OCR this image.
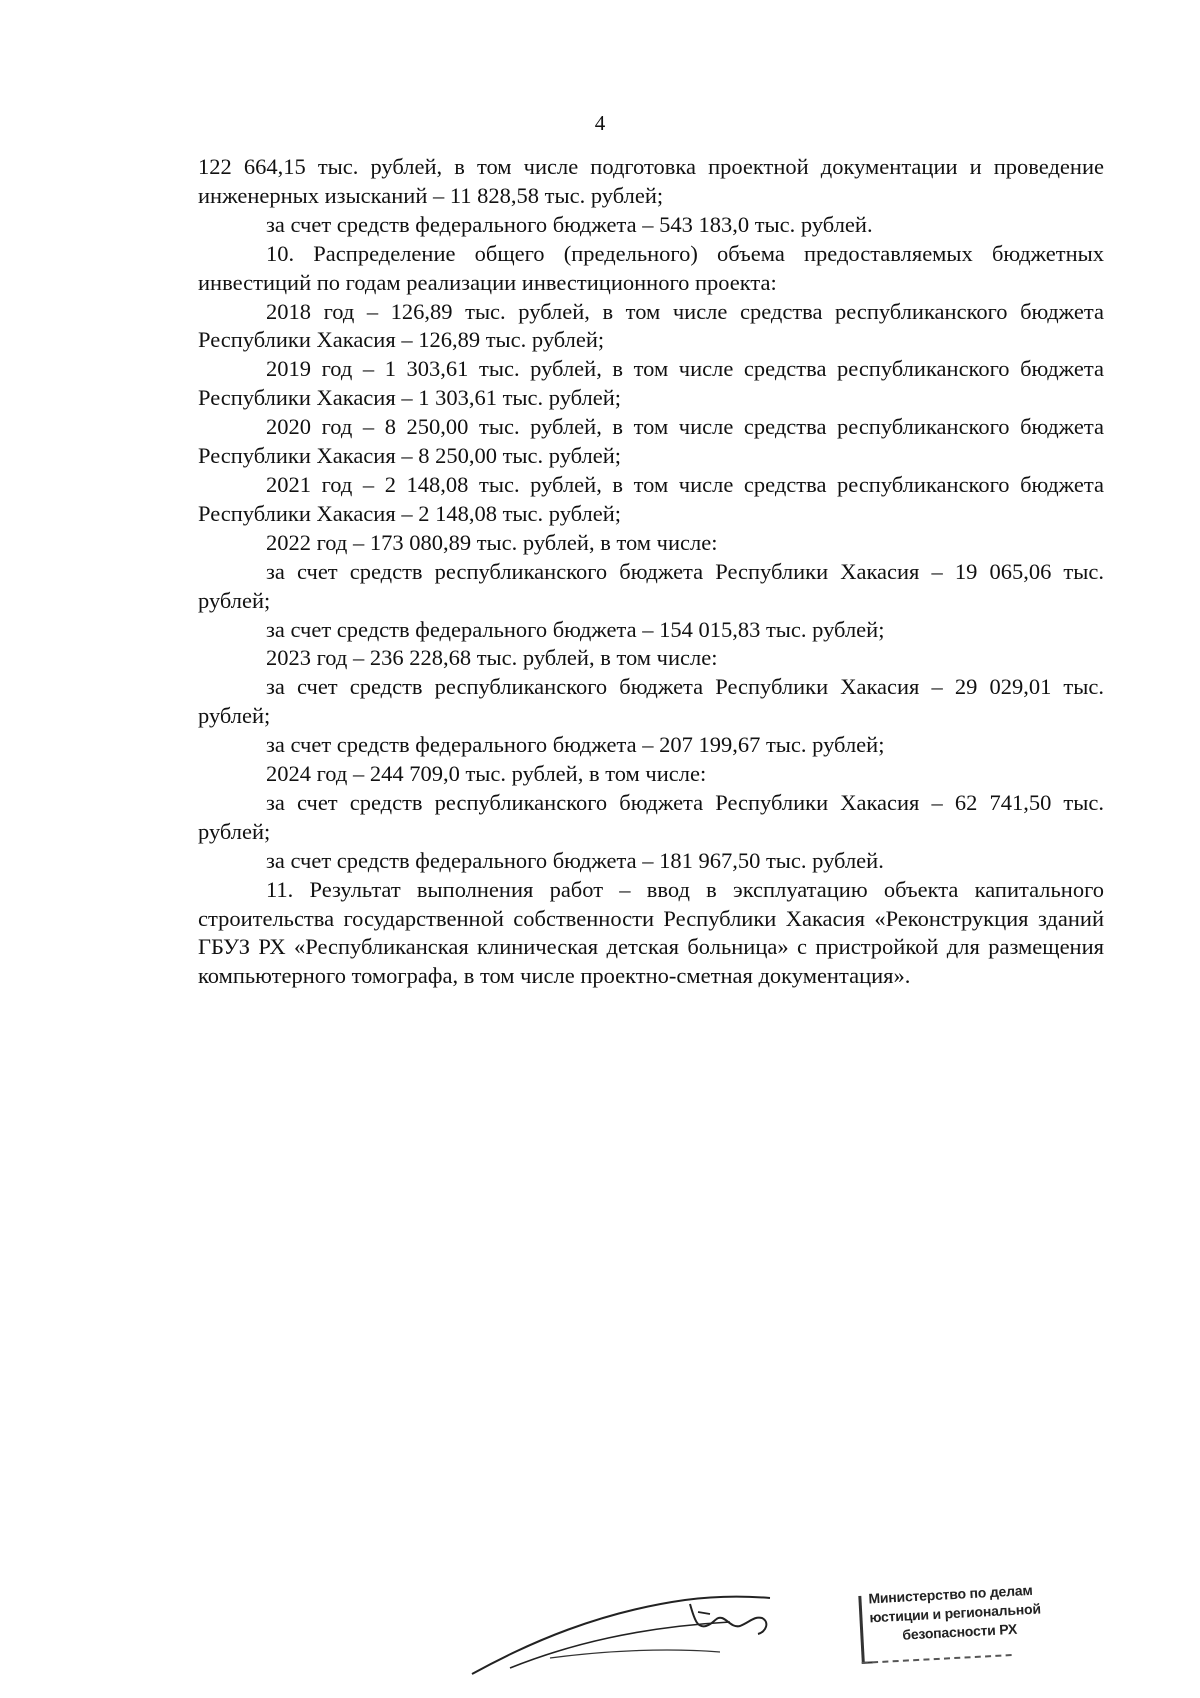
4

122 664,15 тыс. рублей, в том числе подготовка проектной документации и проведение инженерных изысканий – 11 828,58 тыс. рублей;

за счет средств федерального бюджета – 543 183,0 тыс. рублей.

10. Распределение общего (предельного) объема предоставляемых бюджетных инвестиций по годам реализации инвестиционного проекта:

2018 год – 126,89 тыс. рублей, в том числе средства республиканского бюджета Республики Хакасия – 126,89 тыс. рублей;

2019 год – 1 303,61 тыс. рублей, в том числе средства республиканского бюджета Республики Хакасия – 1 303,61 тыс. рублей;

2020 год – 8 250,00 тыс. рублей, в том числе средства республиканского бюджета Республики Хакасия – 8 250,00 тыс. рублей;

2021 год – 2 148,08 тыс. рублей, в том числе средства республиканского бюджета Республики Хакасия – 2 148,08 тыс. рублей;

2022 год – 173 080,89 тыс. рублей, в том числе:

за счет средств республиканского бюджета Республики Хакасия – 19 065,06 тыс. рублей;

за счет средств федерального бюджета – 154 015,83 тыс. рублей;

2023 год – 236 228,68 тыс. рублей, в том числе:

за счет средств республиканского бюджета Республики Хакасия – 29 029,01 тыс. рублей;

за счет средств федерального бюджета – 207 199,67 тыс. рублей;

2024 год – 244 709,0 тыс. рублей, в том числе:

за счет средств республиканского бюджета Республики Хакасия – 62 741,50 тыс. рублей;

за счет средств федерального бюджета – 181 967,50 тыс. рублей.

11. Результат выполнения работ – ввод в эксплуатацию объекта капитального строительства государственной собственности Республики Хакасия «Реконструкция зданий ГБУЗ РХ «Республиканская клиническая детская больница» с пристройкой для размещения компьютерного томографа, в том числе проектно-сметная документация».

Министерство по делам
юстиции и региональной
безопасности РХ
